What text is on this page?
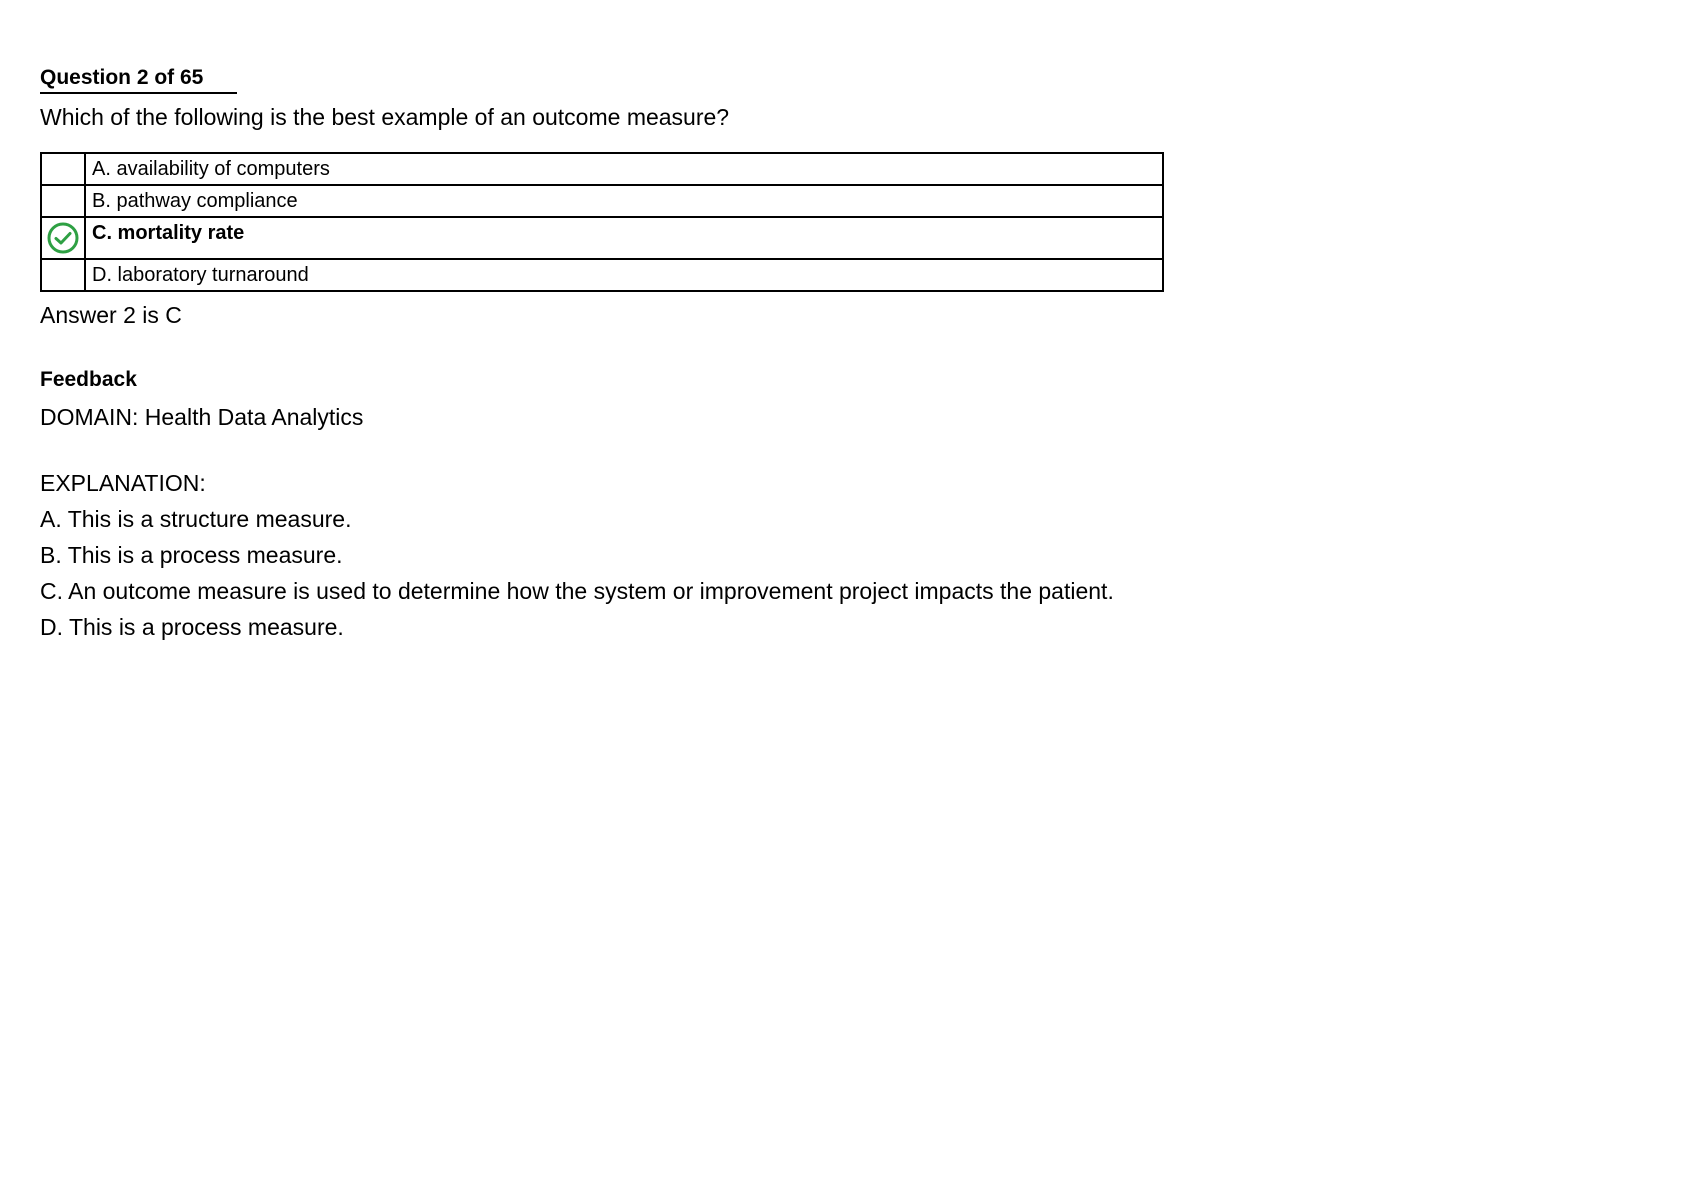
Question 2 of 65
Which of the following is the best example of an outcome measure?
	A. availability of computers
	B. pathway compliance
	C. mortality rate
	D. laboratory turnaround
Answer 2 is C
Feedback
DOMAIN: Health Data Analytics
EXPLANATION:
A. This is a structure measure.
B. This is a process measure.
C. An outcome measure is used to determine how the system or improvement project impacts the patient.
D. This is a process measure.
